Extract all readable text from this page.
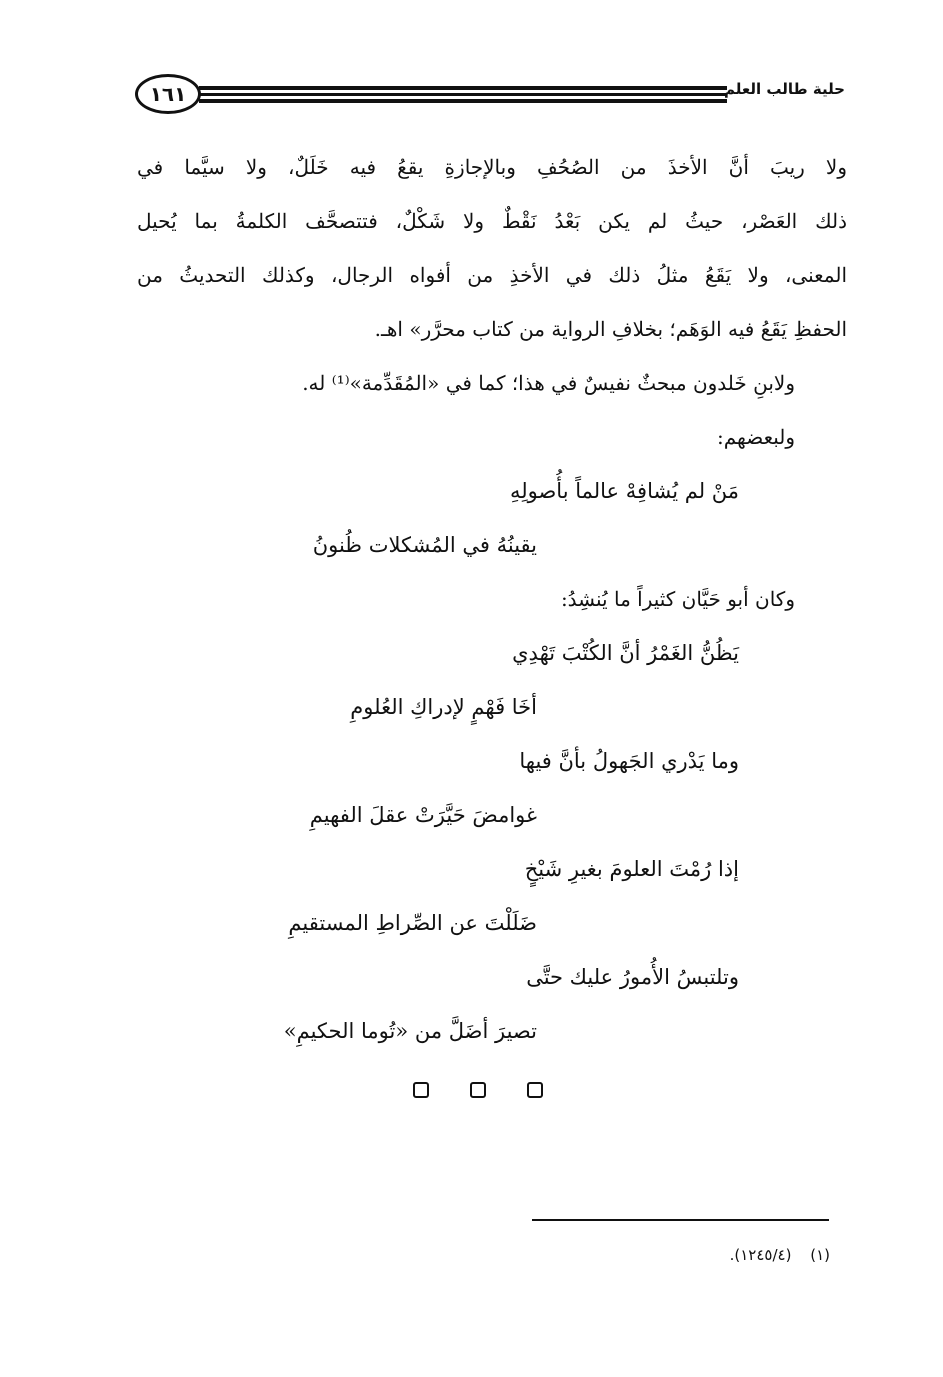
١٦١	حلية طالب العلم
ولا ريبَ أنَّ الأخذَ من الصُحُفِ وبالإجازةِ يقعُ فيه خَلَلٌ، ولا سيَّما في
ذلك العَصْر، حيثُ لم يكن بَعْدُ نَقْطٌ ولا شَكْلٌ، فتتصحَّف الكلمةُ بما يُحيل
المعنى، ولا يَقَعُ مثلُ ذلك في الأخذِ من أفواه الرجال، وكذلك التحديثُ من
الحفظِ يَقَعُ فيه الوَهَم؛ بخلافِ الرواية من كتاب محرَّر» اهـ.
ولابنِ خَلدون مبحثٌ نفيسٌ في هذا؛ كما في «المُقَدِّمة»⁽¹⁾ له.
ولبعضهم:
مَنْ لم يُشافِهْ عالماً بأُصولِهِ
يقينُهُ في المُشكلات ظُنونُ
وكان أبو حَيَّان كثيراً ما يُنشِدُ:
يَظُنُّ الغَمْرُ أنَّ الكُتْبَ تَهْدِي
أخَا فَهْمٍ لإدراكِ العُلومِ
وما يَدْري الجَهولُ بأنَّ فيها
غوامضَ حَيَّرَتْ عقلَ الفهيمِ
إذا رُمْتَ العلومَ بغيرِ شَيْخٍ
ضَلَلْتَ عن الصِّراطِ المستقيمِ
وتلتبسُ الأُمورُ عليك حتَّى
تصيرَ أضَلَّ من «تُوما الحكيمِ»
(١) (١٢٤٥/٤).
